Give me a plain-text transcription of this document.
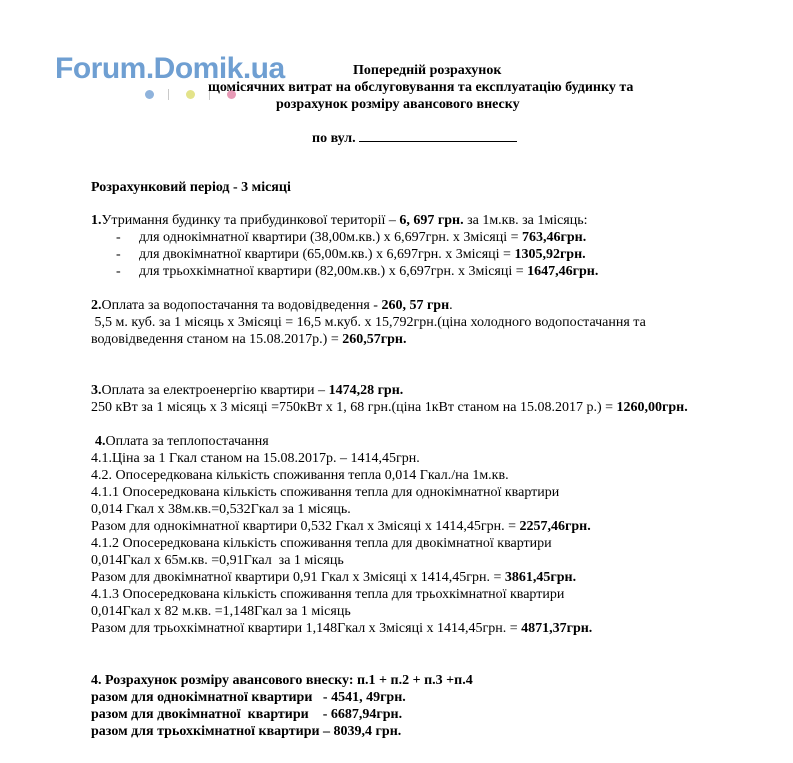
Forum.Domik.ua	Попередній розрахунок
щомісячних витрат на обслуговування та експлуатацію будинку та
розрахунок розміру авансового внеску
по вул.
Розрахунковий період - 3 місяці
1.Утримання будинку та прибудинкової території – 6, 697 грн. за 1м.кв. за 1місяць:
- для однокімнатної квартири (38,00м.кв.) х 6,697грн. х 3місяці = 763,46грн.
- для двокімнатної квартири (65,00м.кв.) х 6,697грн. х 3місяці = 1305,92грн.
- для трьохкімнатної квартири (82,00м.кв.) х 6,697грн. х 3місяці = 1647,46грн.
2.Оплата за водопостачання та водовідведення - 260, 57 грн.
5,5 м. куб. за 1 місяць х 3місяці = 16,5 м.куб. х 15,792грн.(ціна холодного водопостачання та
водовідведення станом на 15.08.2017р.) = 260,57грн.
3.Оплата за електроенергію квартири – 1474,28 грн.
250 кВт за 1 місяць х 3 місяці =750кВт х 1, 68 грн.(ціна 1кВт станом на 15.08.2017 р.) = 1260,00грн.
4.Оплата за теплопостачання
4.1.Ціна за 1 Гкал станом на 15.08.2017р. – 1414,45грн.
4.2. Опосередкована кількість споживання тепла 0,014 Гкал./на 1м.кв.
4.1.1 Опосередкована кількість споживання тепла для однокімнатної квартири
0,014 Гкал х 38м.кв.=0,532Гкал за 1 місяць.
Разом для однокімнатної квартири 0,532 Гкал х 3місяці х 1414,45грн. = 2257,46грн.
4.1.2 Опосередкована кількість споживання тепла для двокімнатної квартири
0,014Гкал х 65м.кв. =0,91Гкал  за 1 місяць
Разом для двокімнатної квартири 0,91 Гкал х 3місяці х 1414,45грн. = 3861,45грн.
4.1.3 Опосередкована кількість споживання тепла для трьохкімнатної квартири
0,014Гкал х 82 м.кв. =1,148Гкал за 1 місяць
Разом для трьохкімнатної квартири 1,148Гкал х 3місяці х 1414,45грн. = 4871,37грн.
4. Розрахунок розміру авансового внеску: п.1 + п.2 + п.3 +п.4
разом для однокімнатної квартири   - 4541, 49грн.
разом для двокімнатної  квартири    - 6687,94грн.
разом для трьохкімнатної квартири – 8039,4 грн.
